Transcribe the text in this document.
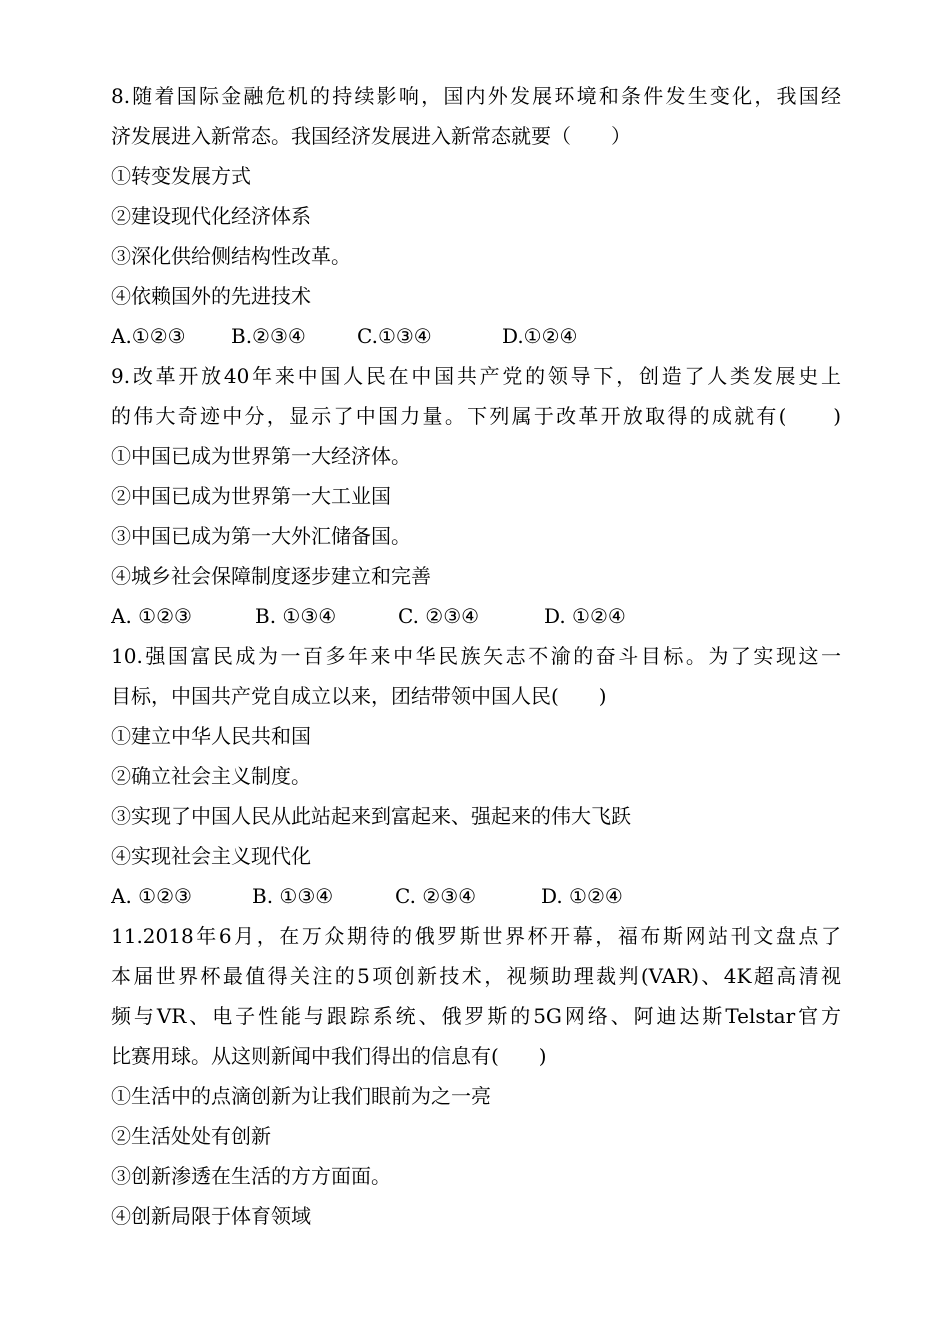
8.随着国际金融危机的持续影响，国内外发展环境和条件发生变化，我国经
济发展进入新常态。我国经济发展进入新常态就要（　　）
①转变发展方式
②建设现代化经济体系
③深化供给侧结构性改革。
④依赖国外的先进技术
A.①②③	B.②③④	C.①③④	D.①②④
9.改革开放40年来中国人民在中国共产党的领导下，创造了人类发展史上
的伟大奇迹中分，显示了中国力量。下列属于改革开放取得的成就有(　　)
①中国已成为世界第一大经济体。
②中国已成为世界第一大工业国
③中国已成为第一大外汇储备国。
④城乡社会保障制度逐步建立和完善
A. ①②③	B. ①③④	C. ②③④	D. ①②④
10.强国富民成为一百多年来中华民族矢志不渝的奋斗目标。为了实现这一
目标，中国共产党自成立以来，团结带领中国人民(　　)
①建立中华人民共和国
②确立社会主义制度。
③实现了中国人民从此站起来到富起来、强起来的伟大飞跃
④实现社会主义现代化
A. ①②③	B. ①③④	C. ②③④	D. ①②④
11.2018年6月，在万众期待的俄罗斯世界杯开幕，福布斯网站刊文盘点了
本届世界杯最值得关注的5项创新技术，视频助理裁判(VAR)、4K超高清视
频与VR、电子性能与跟踪系统、俄罗斯的5G网络、阿迪达斯Telstar官方
比赛用球。从这则新闻中我们得出的信息有(　　)
①生活中的点滴创新为让我们眼前为之一亮
②生活处处有创新
③创新渗透在生活的方方面面。
④创新局限于体育领域
